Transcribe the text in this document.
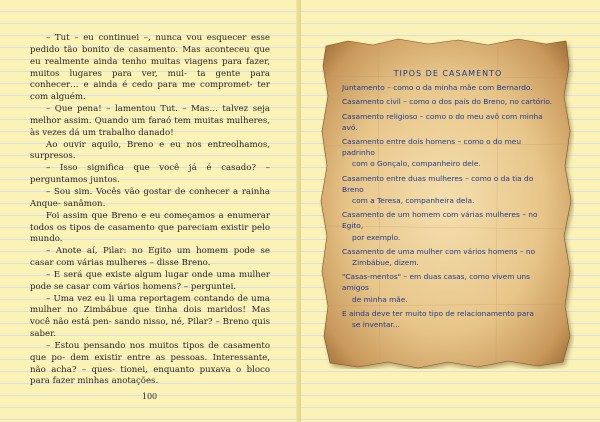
– Tut – eu continuei –, nunca vou esquecer esse pedido tão bonito de casamento. Mas aconteceu que eu realmente ainda tenho muitas viagens para fazer, muitos lugares para ver, mui- ta gente para conhecer… e ainda é cedo para me compromet- ter com alguém.

– Que pena! – lamentou Tut. – Mas… talvez seja melhor assim. Quando um faraó tem muitas mulheres, às vezes dá um trabalho danado!

Ao ouvir aquilo, Breno e eu nos entreolhamos, surpresos.

– Isso significa que você já é casado? – perguntamos juntos.

– Sou sim. Vocês vão gostar de conhecer a rainha Anque- sanâmon.

Foi assim que Breno e eu começamos a enumerar todos os tipos de casamento que pareciam existir pelo mundo.

– Anote aí, Pilar: no Egito um homem pode se casar com várias mulheres – disse Breno.

– E será que existe algum lugar onde uma mulher pode se casar com vários homens? – perguntei.

– Uma vez eu li uma reportagem contando de uma mulher no Zimbábue que tinha dois maridos! Mas você não está pen- sando nisso, né, Pilar? – Breno quis saber.

– Estou pensando nos muitos tipos de casamento que po- dem existir entre as pessoas. Interessante, não acha? – ques- tionei, enquanto puxava o bloco para fazer minhas anotações.

100
TIPOS DE CASAMENTO
Juntamento – como o da minha mãe com Bernardo.
Casamento civil – como o dos pais do Breno, no cartório.
Casamento religioso – como o do meu avô com minha avó.
Casamento entre dois homens – como o do meu padrinho
com o Gonçalo, companheiro dele.
Casamento entre duas mulheres – como o da tia do Breno
com a Teresa, companheira dela.
Casamento de um homem com várias mulheres – no Egito,
por exemplo.
Casamento de uma mulher com vários homens – no
Zimbábue, dizem.
"Casas-mentos" – em duas casas, como vivem uns amigos
de minha mãe.
E ainda deve ter muito tipo de relacionamento para
se inventar...
